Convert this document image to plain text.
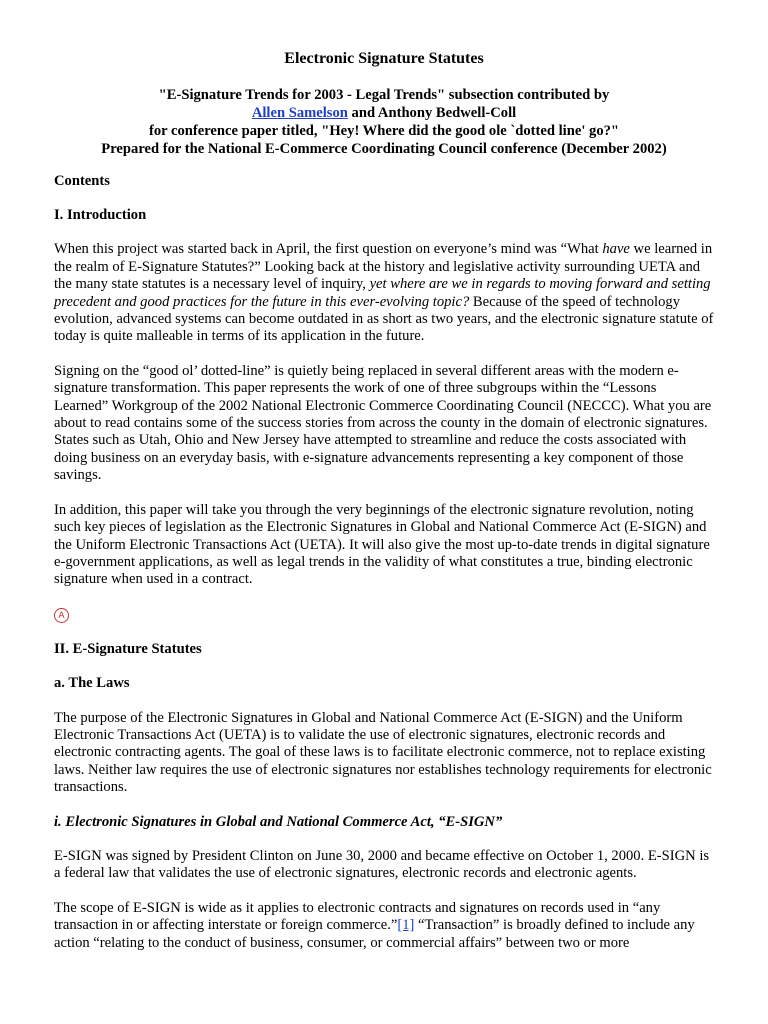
Electronic Signature Statutes
"E-Signature Trends for 2003 - Legal Trends" subsection contributed by
Allen Samelson and Anthony Bedwell-Coll
for conference paper titled, "Hey! Where did the good ole `dotted line' go?"
Prepared for the National E-Commerce Coordinating Council conference (December 2002)
Contents
I. Introduction

When this project was started back in April, the first question on everyone’s mind was “What have we learned in the realm of E-Signature Statutes?” Looking back at the history and legislative activity surrounding UETA and the many state statutes is a necessary level of inquiry, yet where are we in regards to moving forward and setting precedent and good practices for the future in this ever-evolving topic? Because of the speed of technology evolution, advanced systems can become outdated in as short as two years, and the electronic signature statute of today is quite malleable in terms of its application in the future.

Signing on the “good ol’ dotted-line” is quietly being replaced in several different areas with the modern e-signature transformation. This paper represents the work of one of three subgroups within the “Lessons Learned” Workgroup of the 2002 National Electronic Commerce Coordinating Council (NECCC). What you are about to read contains some of the success stories from across the county in the domain of electronic signatures. States such as Utah, Ohio and New Jersey have attempted to streamline and reduce the costs associated with doing business on an everyday basis, with e-signature advancements representing a key component of those savings.

In addition, this paper will take you through the very beginnings of the electronic signature revolution, noting such key pieces of legislation as the Electronic Signatures in Global and National Commerce Act (E-SIGN) and the Uniform Electronic Transactions Act (UETA). It will also give the most up-to-date trends in digital signature e-government applications, as well as legal trends in the validity of what constitutes a true, binding electronic signature when used in a contract.

A
II. E-Signature Statutes
a. The Laws

The purpose of the Electronic Signatures in Global and National Commerce Act (E-SIGN) and the Uniform Electronic Transactions Act (UETA) is to validate the use of electronic signatures, electronic records and electronic contracting agents. The goal of these laws is to facilitate electronic commerce, not to replace existing laws. Neither law requires the use of electronic signatures nor establishes technology requirements for electronic transactions.

i. Electronic Signatures in Global and National Commerce Act, “E-SIGN”

E-SIGN was signed by President Clinton on June 30, 2000 and became effective on October 1, 2000. E-SIGN is a federal law that validates the use of electronic signatures, electronic records and electronic agents.

The scope of E-SIGN is wide as it applies to electronic contracts and signatures on records used in “any transaction in or affecting interstate or foreign commerce.”[1] “Transaction” is broadly defined to include any action “relating to the conduct of business, consumer, or commercial affairs” between two or more
